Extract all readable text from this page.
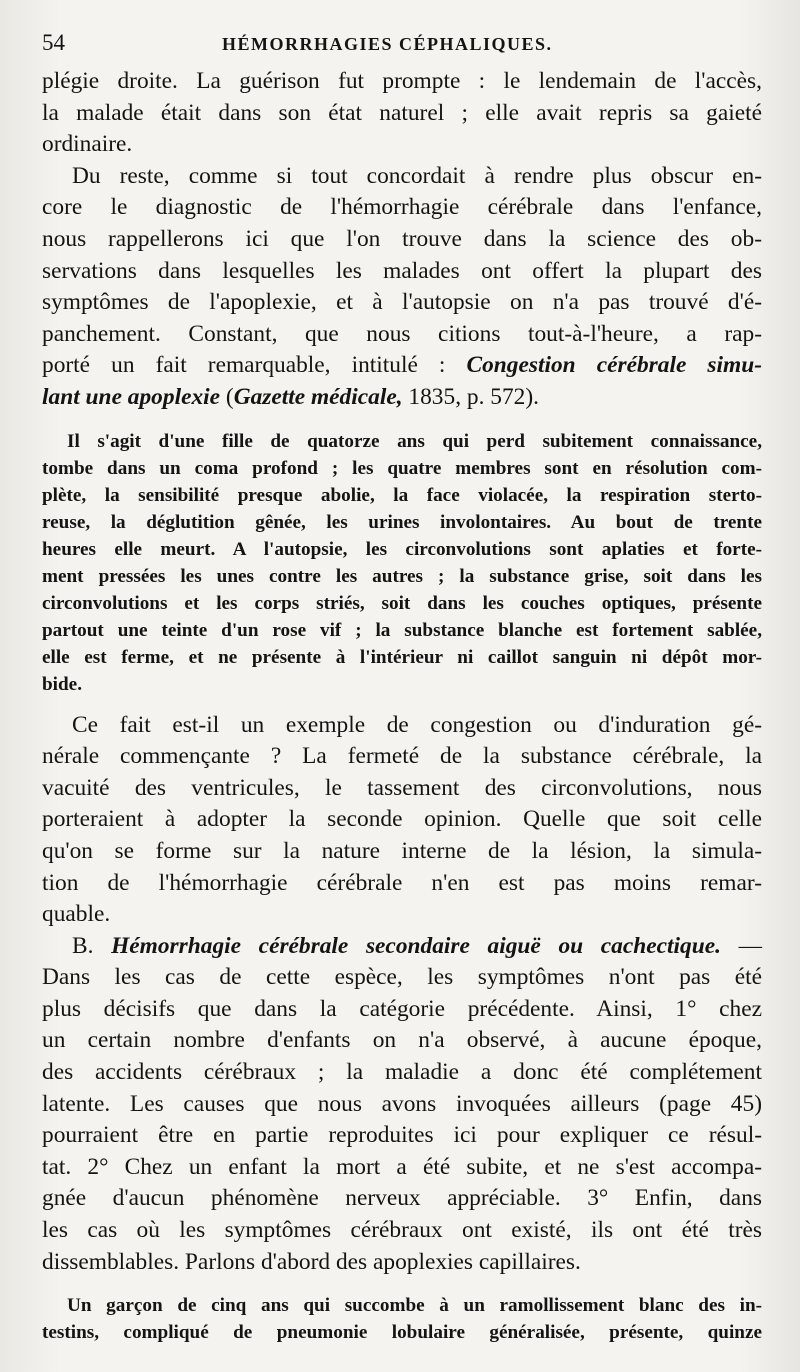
54	HÉMORRHAGIES CÉPHALIQUES.
plégie droite. La guérison fut prompte : le lendemain de l'accès,
la malade était dans son état naturel ; elle avait repris sa gaieté
ordinaire.
Du reste, comme si tout concordait à rendre plus obscur en-
core le diagnostic de l'hémorrhagie cérébrale dans l'enfance,
nous rappellerons ici que l'on trouve dans la science des ob-
servations dans lesquelles les malades ont offert la plupart des
symptômes de l'apoplexie, et à l'autopsie on n'a pas trouvé d'é-
panchement. Constant, que nous citions tout-à-l'heure, a rap-
porté un fait remarquable, intitulé : Congestion cérébrale simu-
lant une apoplexie (Gazette médicale, 1835, p. 572).
Il s'agit d'une fille de quatorze ans qui perd subitement connaissance,
tombe dans un coma profond ; les quatre membres sont en résolution com-
plète, la sensibilité presque abolie, la face violacée, la respiration sterto-
reuse, la déglutition gênée, les urines involontaires. Au bout de trente
heures elle meurt. A l'autopsie, les circonvolutions sont aplaties et forte-
ment pressées les unes contre les autres ; la substance grise, soit dans les
circonvolutions et les corps striés, soit dans les couches optiques, présente
partout une teinte d'un rose vif ; la substance blanche est fortement sablée,
elle est ferme, et ne présente à l'intérieur ni caillot sanguin ni dépôt mor-
bide.
Ce fait est-il un exemple de congestion ou d'induration gé-
nérale commençante ? La fermeté de la substance cérébrale, la
vacuité des ventricules, le tassement des circonvolutions, nous
porteraient à adopter la seconde opinion. Quelle que soit celle
qu'on se forme sur la nature interne de la lésion, la simula-
tion de l'hémorrhagie cérébrale n'en est pas moins remar-
quable.
B. Hémorrhagie cérébrale secondaire aiguë ou cachectique. —
Dans les cas de cette espèce, les symptômes n'ont pas été
plus décisifs que dans la catégorie précédente. Ainsi, 1° chez
un certain nombre d'enfants on n'a observé, à aucune époque,
des accidents cérébraux ; la maladie a donc été complétement
latente. Les causes que nous avons invoquées ailleurs (page 45)
pourraient être en partie reproduites ici pour expliquer ce résul-
tat. 2° Chez un enfant la mort a été subite, et ne s'est accompa-
gnée d'aucun phénomène nerveux appréciable. 3° Enfin, dans
les cas où les symptômes cérébraux ont existé, ils ont été très
dissemblables. Parlons d'abord des apoplexies capillaires.
Un garçon de cinq ans qui succombe à un ramollissement blanc des in-
testins, compliqué de pneumonie lobulaire généralisée, présente, quinze
